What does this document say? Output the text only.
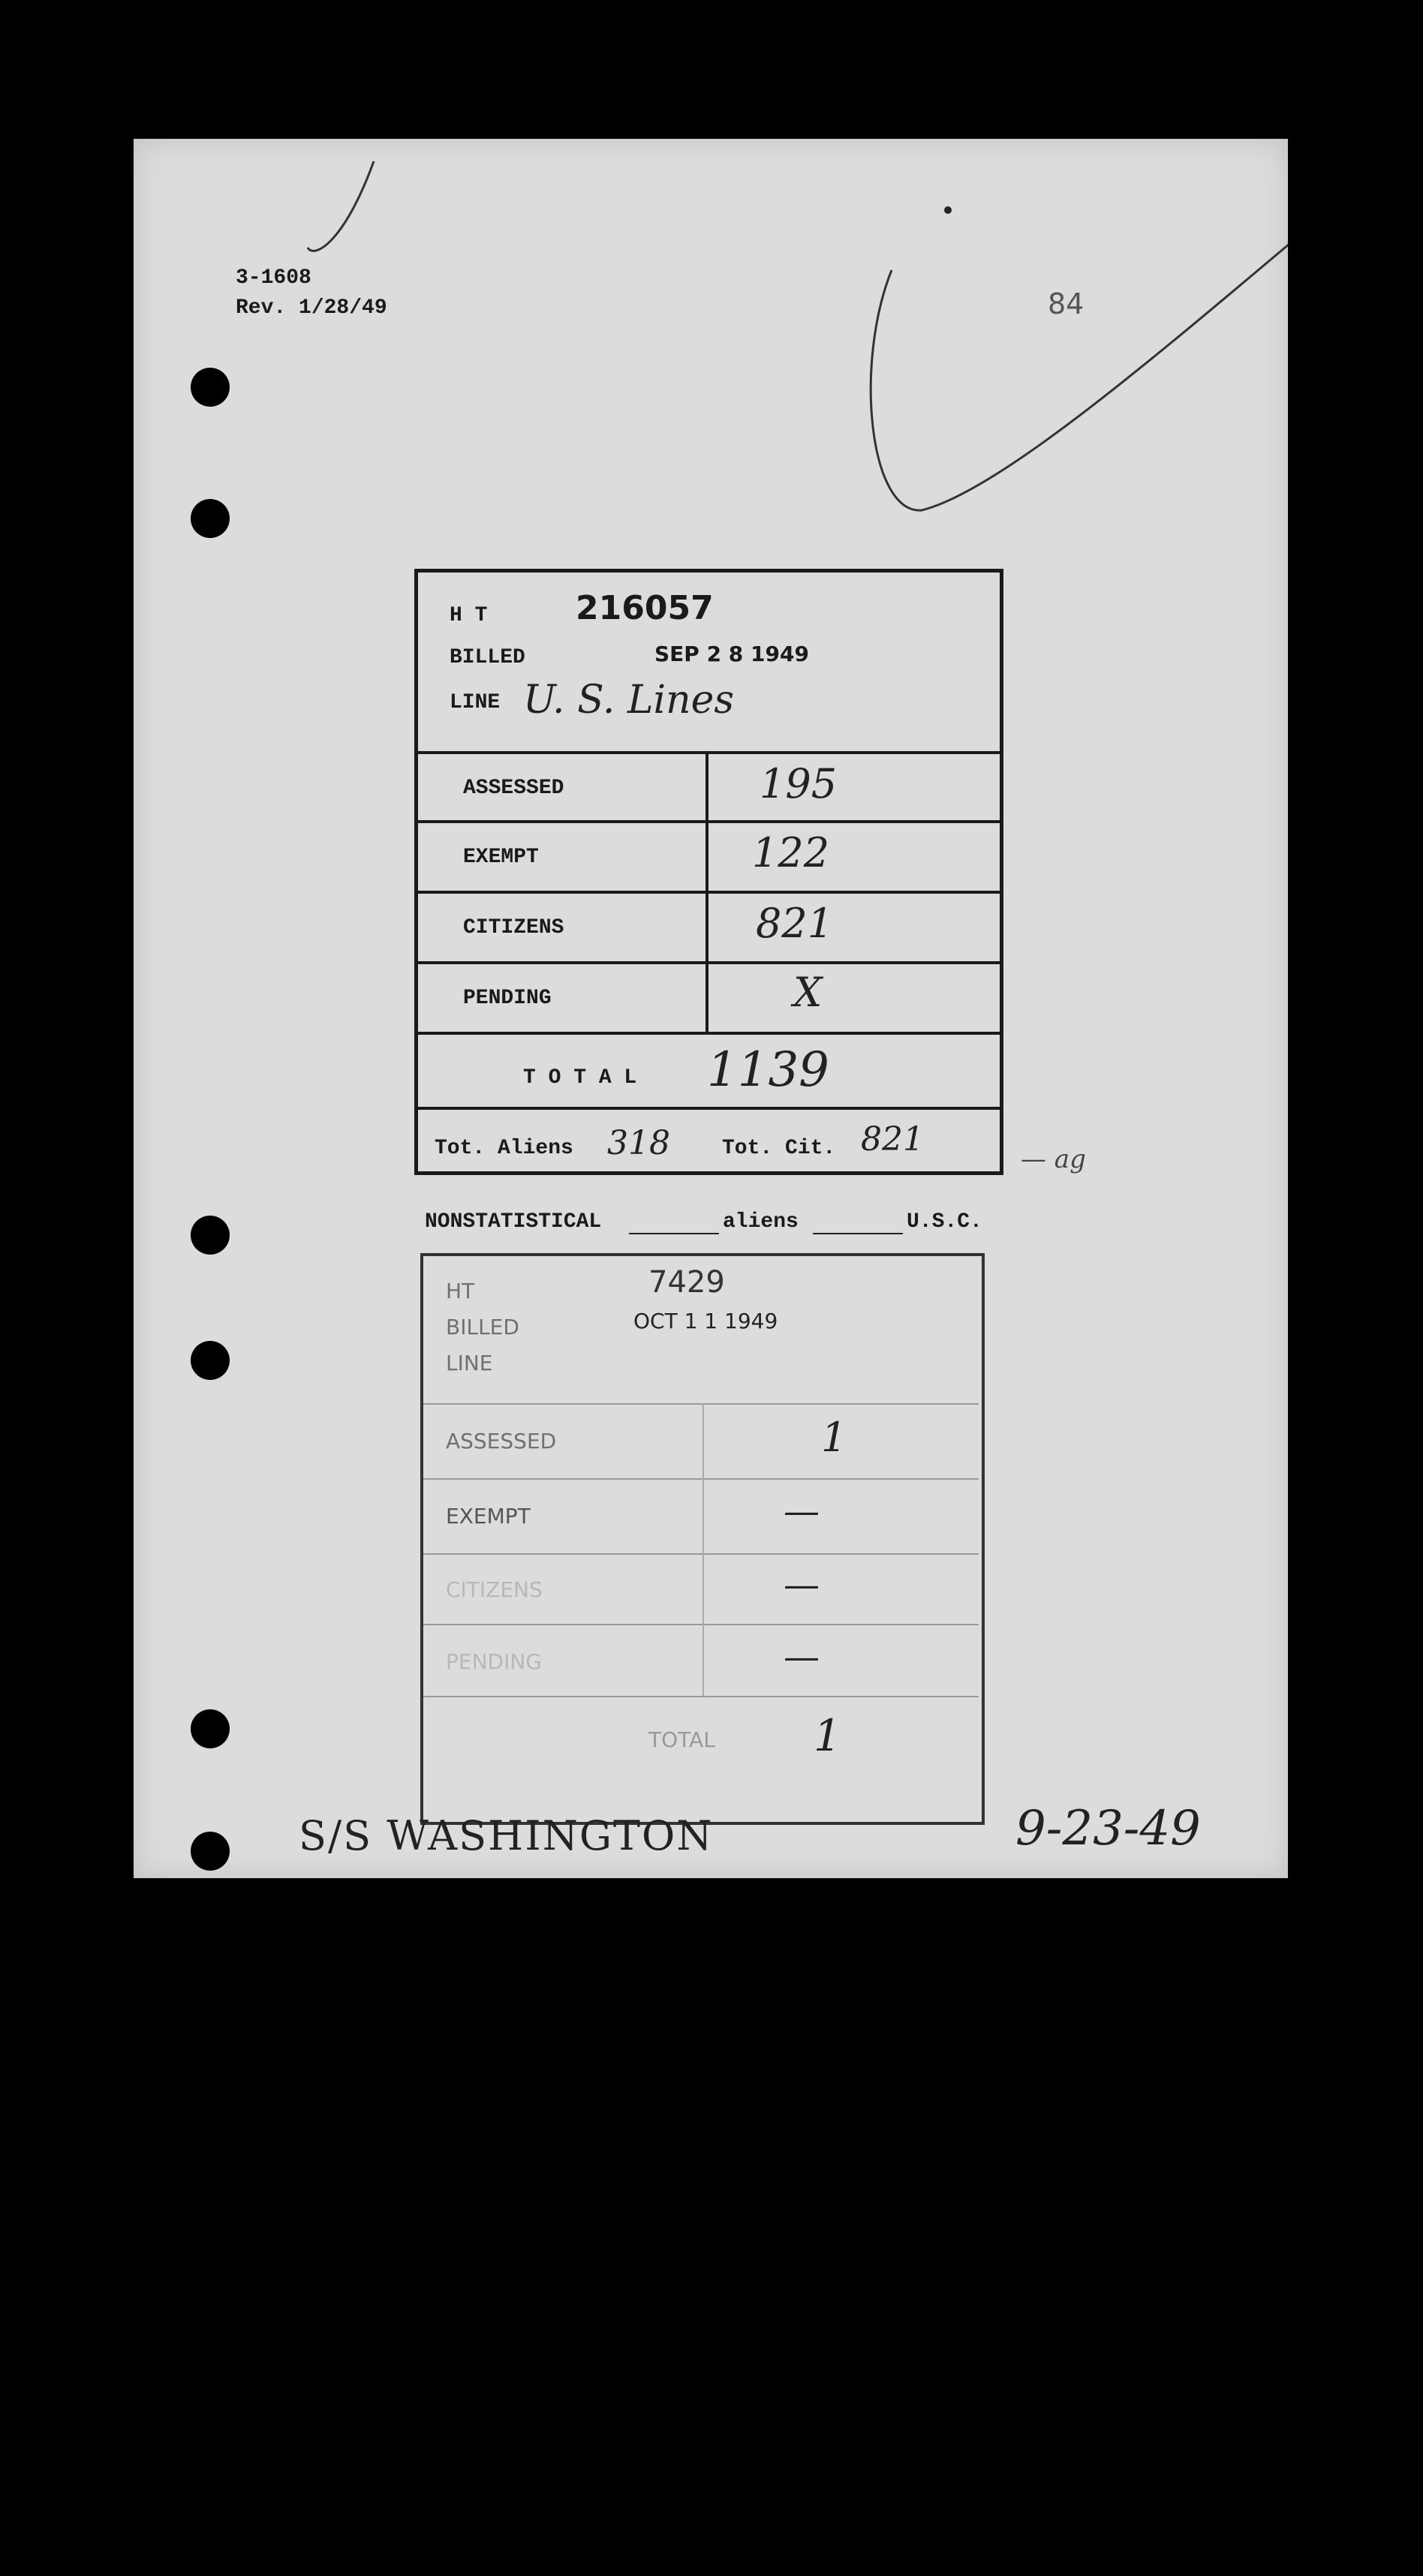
3-1608
Rev. 1/28/49	84
H T	216057
BILLED	SEP 2 8 1949
LINE U. S. Lines
ASSESSED	195
EXEMPT	122
CITIZENS	821
PENDING	X
T O T A L 1139
Tot. Aliens 318 Tot. Cit. 821
— ag
NONSTATISTICAL	aliens	U.S.C.
HT	7429
BILLED	OCT 1 1 1949
LINE
ASSESSED	1
EXEMPT	—
CITIZENS	—
PENDING	—
TOTAL 1
S/S WASHINGTON	9-23-49
